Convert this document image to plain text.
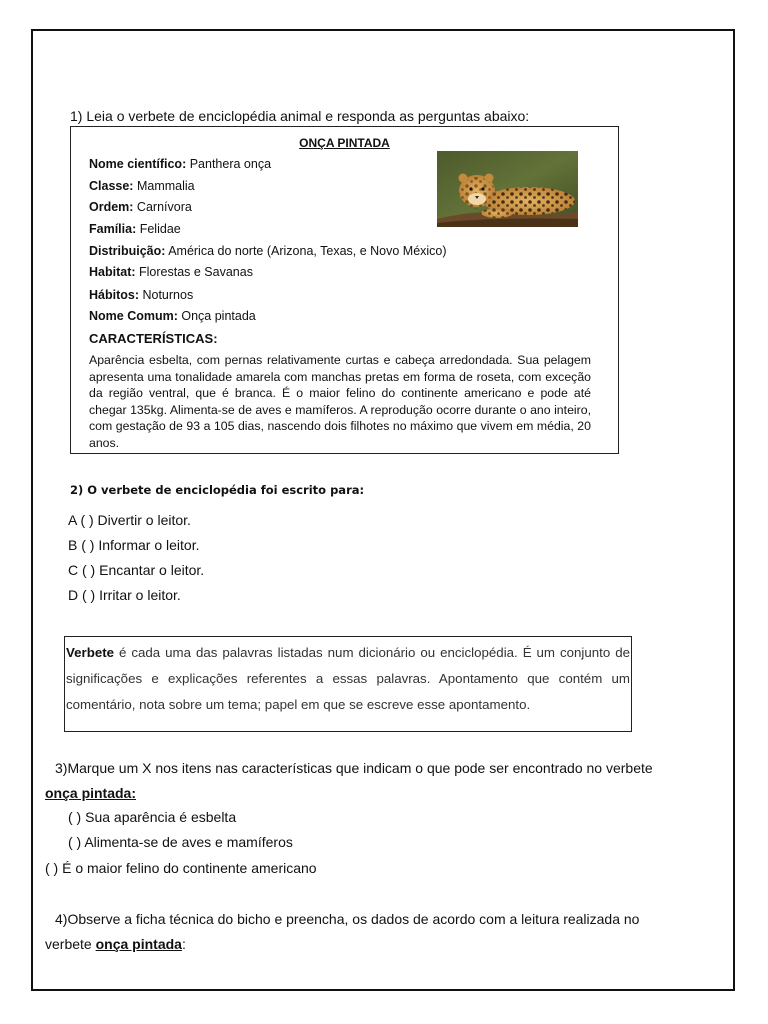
1) Leia o verbete de enciclopédia animal e responda as perguntas abaixo:
ONÇA PINTADA
Nome científico: Panthera onça
Classe: Mammalia
Ordem: Carnívora
Família: Felidae
Distribuição: América do norte (Arizona, Texas, e Novo México)
Habitat: Florestas e Savanas
Hábitos: Noturnos
Nome Comum: Onça pintada
CARACTERÍSTICAS:
Aparência esbelta, com pernas relativamente curtas e cabeça arredondada. Sua pelagem apresenta uma tonalidade amarela com manchas pretas em forma de roseta, com exceção da região ventral, que é branca. É o maior felino do continente americano e pode até chegar 135kg. Alimenta-se de aves e mamíferos. A reprodução ocorre durante o ano inteiro, com gestação de 93 a 105 dias, nascendo dois filhotes no máximo que vivem em média, 20 anos.
2) O verbete de enciclopédia foi escrito para:
A ( ) Divertir o leitor.
B ( ) Informar o leitor.
C ( ) Encantar o leitor.
D ( ) Irritar o leitor.
Verbete é cada uma das palavras listadas num dicionário ou enciclopédia. É um conjunto de significações e explicações referentes a essas palavras. Apontamento que contém um comentário, nota sobre um tema; papel em que se escreve esse apontamento.
3)Marque um X nos itens nas características que indicam o que pode ser encontrado no verbete
onça pintada:
( ) Sua aparência é esbelta
( ) Alimenta-se de aves e mamíferos
( ) É o maior felino do continente americano
4)Observe a ficha técnica do bicho e preencha, os dados de acordo com a leitura realizada no
verbete onça pintada:
